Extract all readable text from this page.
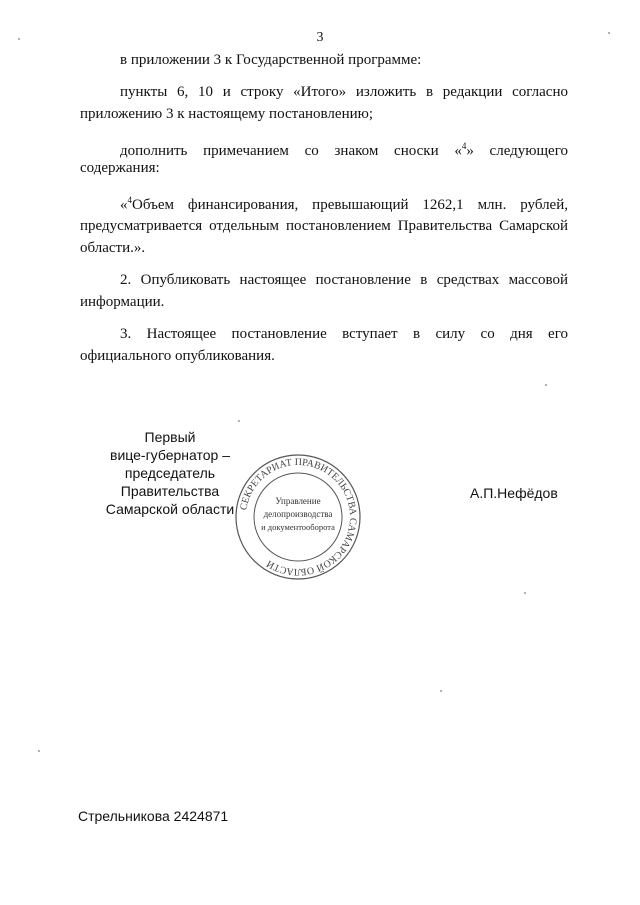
3
в приложении 3 к Государственной программе:
пункты 6, 10 и строку «Итого» изложить в редакции согласно
приложению 3 к настоящему постановлению;
дополнить примечанием со знаком сноски «$^4$» следующего
содержания:
«$^4$Объем финансирования, превышающий 1262,1 млн. рублей,
предусматривается отдельным постановлением Правительства Самарской
области.».
2. Опубликовать настоящее постановление в средствах массовой
информации.
3. Настоящее постановление вступает в силу со дня его
официального опубликования.
Первый
вице-губернатор –
председатель Правительства
Самарской области СЕКРЕТАРИАТ ПРАВИТЕЛЬСТВА САМАРСКОЙ ОБЛАСТИ
Управление
делопроизводства
и документооборота
А.П.Нефёдов
Стрельникова 2424871
